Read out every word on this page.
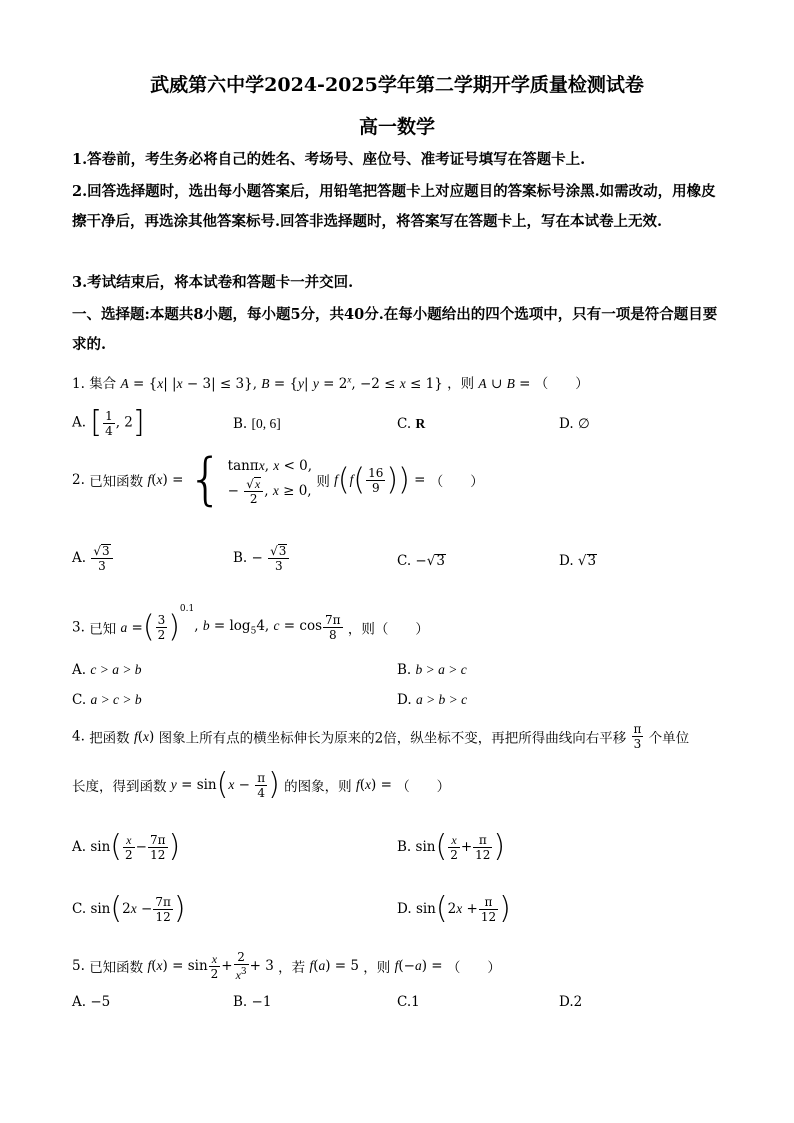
武威第六中学2024-2025学年第二学期开学质量检测试卷
高一数学
1.答卷前，考生务必将自己的姓名、考场号、座位号、准考证号填写在答题卡上.
2.回答选择题时，选出每小题答案后，用铅笔把答题卡上对应题目的答案标号涂黑.如需改动，用橡皮擦干净后，再选涂其他答案标号.回答非选择题时，将答案写在答题卡上，写在本试卷上无效.
3.考试结束后，将本试卷和答题卡一并交回.
一、选择题:本题共8小题，每小题5分，共40分.在每小题给出的四个选项中，只有一项是符合题目要求的.
1. 集合 A = {x| |x − 3| ≤ 3}, B = {y| $y = 2^x$, −2 ≤ x ≤ 1} ，则 A ∪ B = （　　）
A. [ $\frac{1}{4}$ , 2]	B. [0, 6]	C. R	D. ∅
2. 已知函数 f(x) = { tanπx, x < 0,
− $\frac{√x}{2}$ , x ≥ 0,
则 $f(f( \frac{16}{9}$ )) = （　　）
A. $\frac{√3}{3}$	B. − $\frac{√3}{3}$	C. −√3	D. √3
3. 已知 a =( $\frac{3}{2} )^{0.1}$, $b = \log_54$, $c = \cos \frac{7\pi}{8}$ ，则（　　）
A. c > a > b	B. b > a > c
C. a > c > b	D. a > b > c
4. 把函数 f(x) 图象上所有点的横坐标伸长为原来的2倍，纵坐标不变，再把所得曲线向右平移 $\frac{\pi}{3}$ 个单位
长度，得到函数 $y = \sin(x - \frac{\pi}{4}$ ) 的图象，则 f(x) = （　　）
A. $\sin( \frac{x}{2} - \frac{7\pi}{12}$ )	B. $\sin( \frac{x}{2} + \frac{\pi}{12}$ )
C. $\sin(2x - \frac{7\pi}{12}$ )	D. $\sin(2x + \frac{\pi}{12}$ )
5. 已知函数 $f(x) = \sin \frac{x}{2} + \frac{2}{x^3} + 3$ ，若 f(a) = 5 ，则 f(−a) = （　　）
A. −5	B. −1	C.1	D.2
